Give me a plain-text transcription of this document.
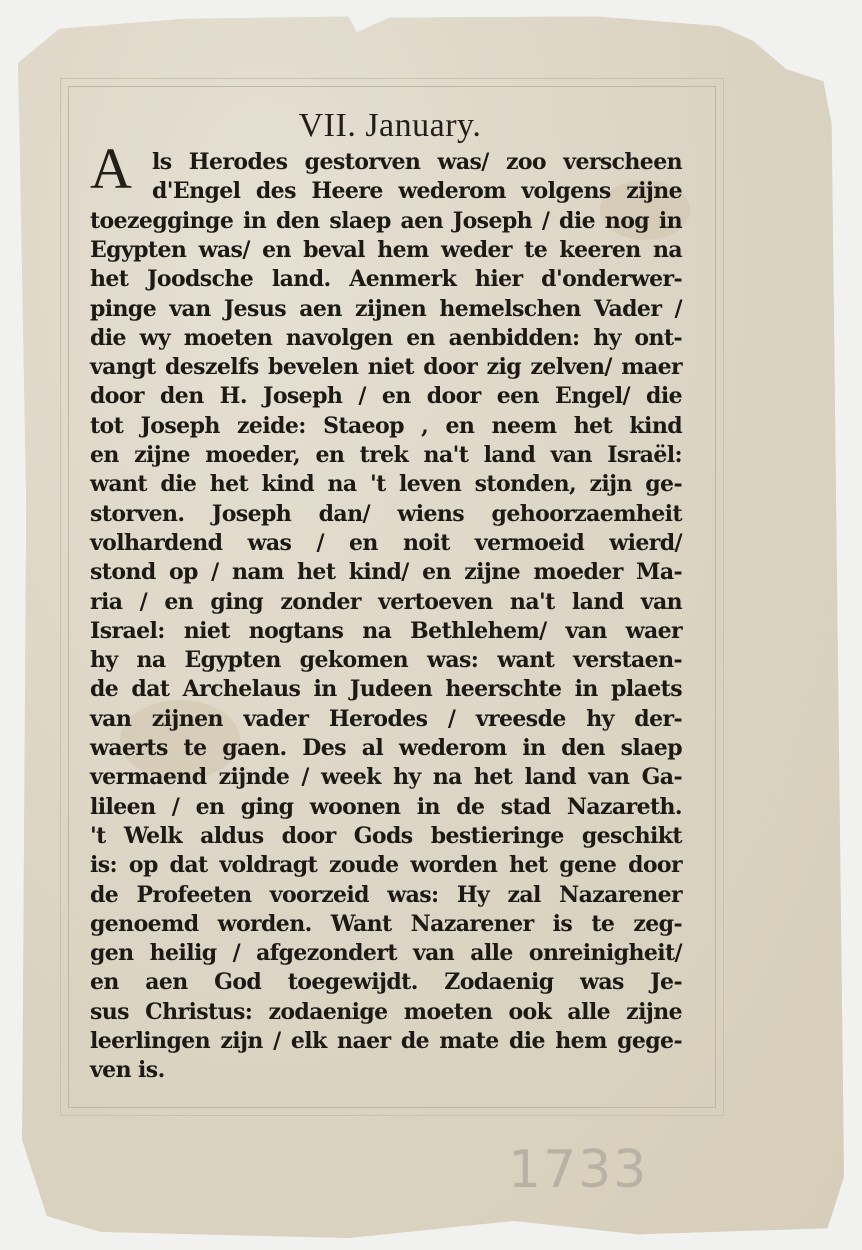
VII. January.
A ls Herodes gestorven was/ zoo verscheen
d'Engel des Heere wederom volgens zijne
toezegginge in den slaep aen Joseph / die nog in
Egypten was/ en beval hem weder te keeren na
het Joodsche land. Aenmerk hier d'onderwer-
pinge van Jesus aen zijnen hemelschen Vader /
die wy moeten navolgen en aenbidden: hy ont-
vangt deszelfs bevelen niet door zig zelven/ maer
door den H. Joseph / en door een Engel/ die
tot Joseph zeide: Staeop , en neem het kind
en zijne moeder, en trek na't land van Israël:
want die het kind na 't leven stonden, zijn ge-
storven. Joseph dan/ wiens gehoorzaemheit
volhardend was / en noit vermoeid wierd/
stond op / nam het kind/ en zijne moeder Ma-
ria / en ging zonder vertoeven na't land van
Israel: niet nogtans na Bethlehem/ van waer
hy na Egypten gekomen was: want verstaen-
de dat Archelaus in Judeen heerschte in plaets
van zijnen vader Herodes / vreesde hy der-
waerts te gaen. Des al wederom in den slaep
vermaend zijnde / week hy na het land van Ga-
lileen / en ging woonen in de stad Nazareth.
't Welk aldus door Gods bestieringe geschikt
is: op dat voldragt zoude worden het gene door
de Profeeten voorzeid was: Hy zal Nazarener
genoemd worden. Want Nazarener is te zeg-
gen heilig / afgezondert van alle onreinigheit/
en aen God toegewijdt. Zodaenig was Je-
sus Christus: zodaenige moeten ook alle zijne
leerlingen zijn / elk naer de mate die hem gege-
ven is.
1733
